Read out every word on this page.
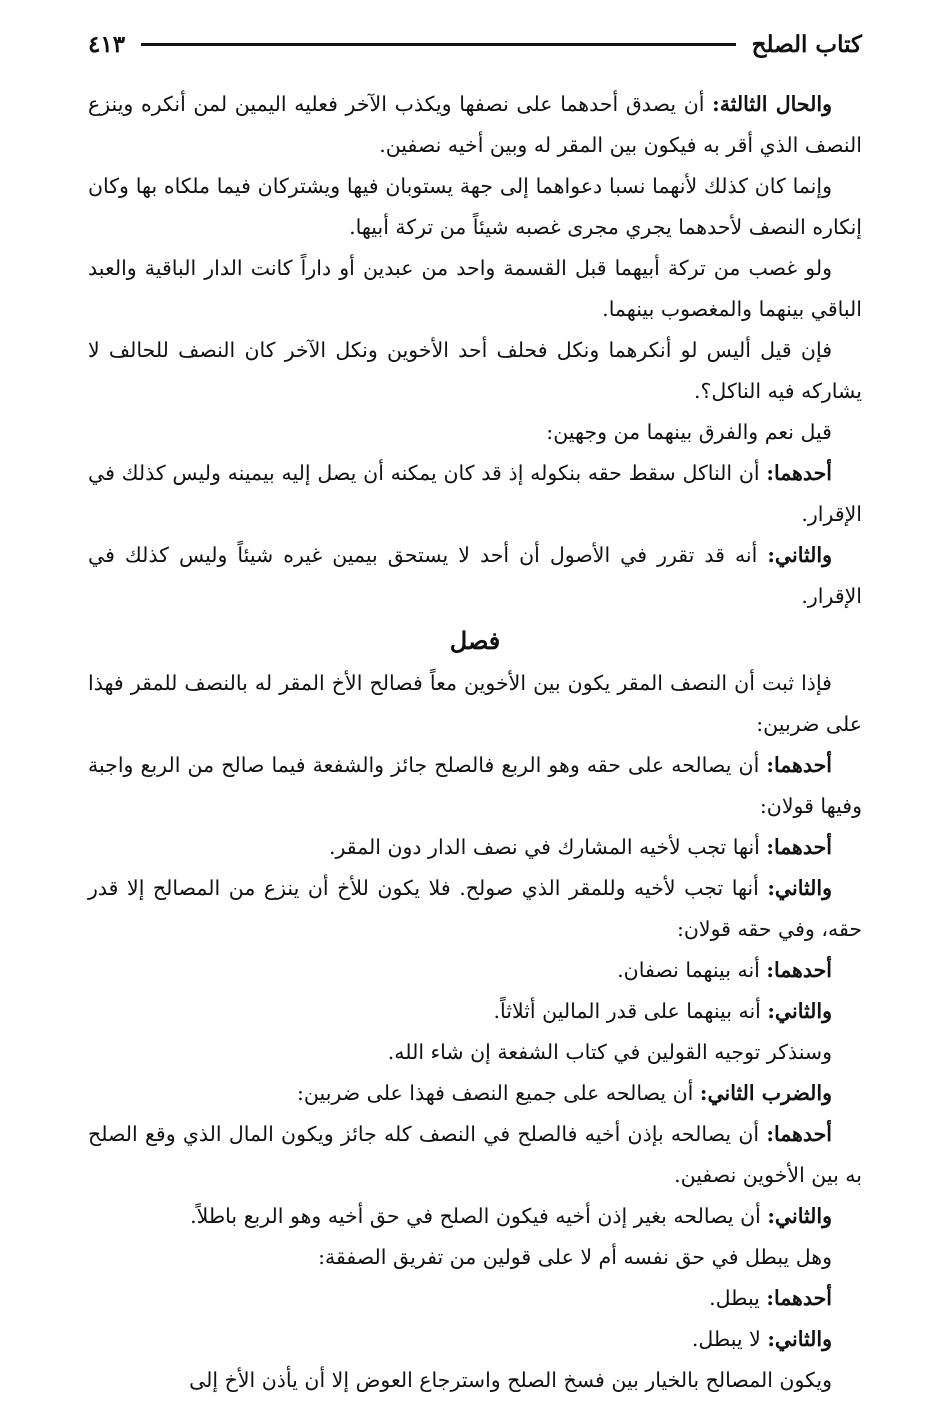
كتاب الصلح
٤١٣

والحال الثالثة: أن يصدق أحدهما على نصفها ويكذب الآخر فعليه اليمين لمن أنكره وينزع النصف الذي أقر به فيكون بين المقر له وبين أخيه نصفين.

وإنما كان كذلك لأنهما نسبا دعواهما إلى جهة يستوبان فيها ويشتركان فيما ملكاه بها وكان إنكاره النصف لأحدهما يجري مجرى غصبه شيئاً من تركة أبيها.

ولو غصب من تركة أبيهما قبل القسمة واحد من عبدين أو داراً كانت الدار الباقية والعبد الباقي بينهما والمغصوب بينهما.

فإن قيل أليس لو أنكرهما ونكل فحلف أحد الأخوين ونكل الآخر كان النصف للحالف لا يشاركه فيه الناكل؟.

قيل نعم والفرق بينهما من وجهين:

أحدهما: أن الناكل سقط حقه بنكوله إذ قد كان يمكنه أن يصل إليه بيمينه وليس كذلك في الإقرار.

والثاني: أنه قد تقرر في الأصول أن أحد لا يستحق بيمين غيره شيئاً وليس كذلك في الإقرار.

فصل

فإذا ثبت أن النصف المقر يكون بين الأخوين معاً فصالح الأخ المقر له بالنصف للمقر فهذا على ضربين:

أحدهما: أن يصالحه على حقه وهو الربع فالصلح جائز والشفعة فيما صالح من الربع واجبة وفيها قولان:

أحدهما: أنها تجب لأخيه المشارك في نصف الدار دون المقر.

والثاني: أنها تجب لأخيه وللمقر الذي صولح. فلا يكون للأخ أن ينزع من المصالح إلا قدر حقه، وفي حقه قولان:

أحدهما: أنه بينهما نصفان.

والثاني: أنه بينهما على قدر المالين أثلاثاً.

وسنذكر توجيه القولين في كتاب الشفعة إن شاء الله.

والضرب الثاني: أن يصالحه على جميع النصف فهذا على ضربين:

أحدهما: أن يصالحه بإذن أخيه فالصلح في النصف كله جائز ويكون المال الذي وقع الصلح به بين الأخوين نصفين.

والثاني: أن يصالحه بغير إذن أخيه فيكون الصلح في حق أخيه وهو الربع باطلاً.

وهل يبطل في حق نفسه أم لا على قولين من تفريق الصفقة:

أحدهما: يبطل.

والثاني: لا يبطل.

ويكون المصالح بالخيار بين فسخ الصلح واسترجاع العوض إلا أن يأذن الأخ إلى
